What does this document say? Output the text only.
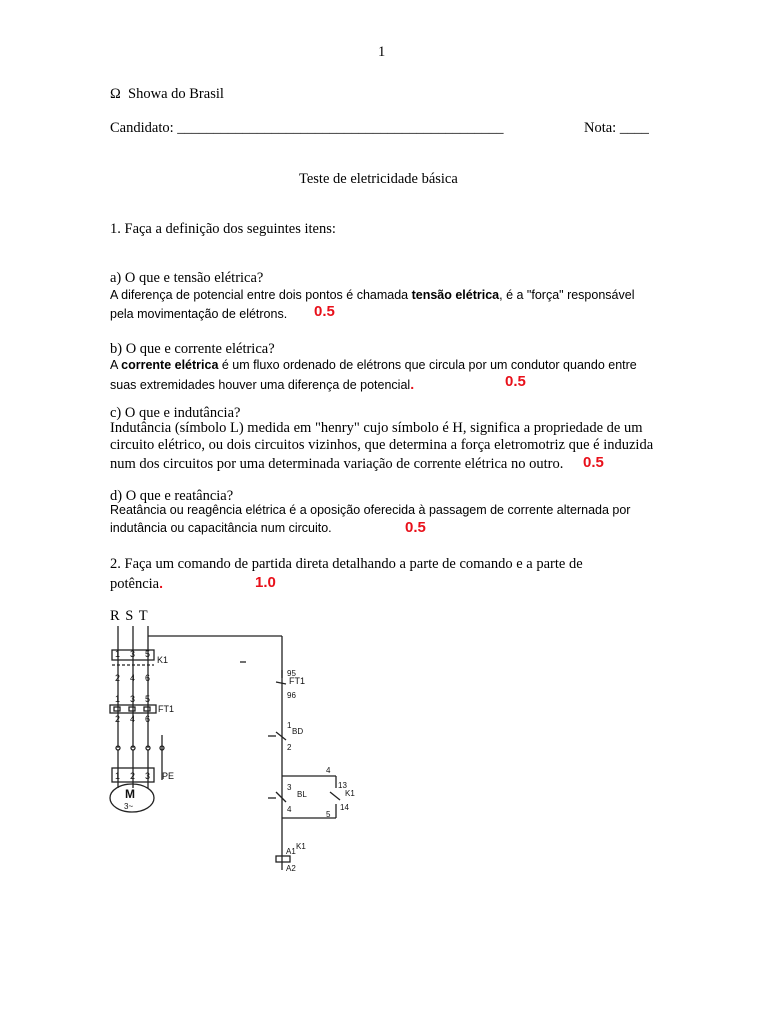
1
Ω Showa do Brasil
Candidato: _____________________________________________	Nota: ____
Teste de eletricidade básica
1. Faça a definição dos seguintes itens:
a) O que e tensão elétrica?
A diferença de potencial entre dois pontos é chamada tensão elétrica, é a "força" responsável
pela movimentação de elétrons. 0.5
b) O que e corrente elétrica?
A corrente elétrica é um fluxo ordenado de elétrons que circula por um condutor quando entre
suas extremidades houver uma diferença de potencial.	0.5
c) O que e indutância?
Indutância (símbolo L) medida em "henry" cujo símbolo é H, significa a propriedade de um
circuito elétrico, ou dois circuitos vizinhos, que determina a força eletromotriz que é induzida
num dos circuitos por uma determinada variação de corrente elétrica no outro. 0.5
d) O que e reatância?
Reatância ou reagência elétrica é a oposição oferecida à passagem de corrente alternada por
indutância ou capacitância num circuito.	0.5
2. Faça um comando de partida direta detalhando a parte de comando e a parte de
potência.	1.0
R S T
1 3 5
K1
2 4 6
1 3 5
FT1
2 4 6
1 2 3 PE
M
3~
95
FT1
96
1
BD
2
3
BL
4
13
K1
14
K1
A1
A2
4
5
